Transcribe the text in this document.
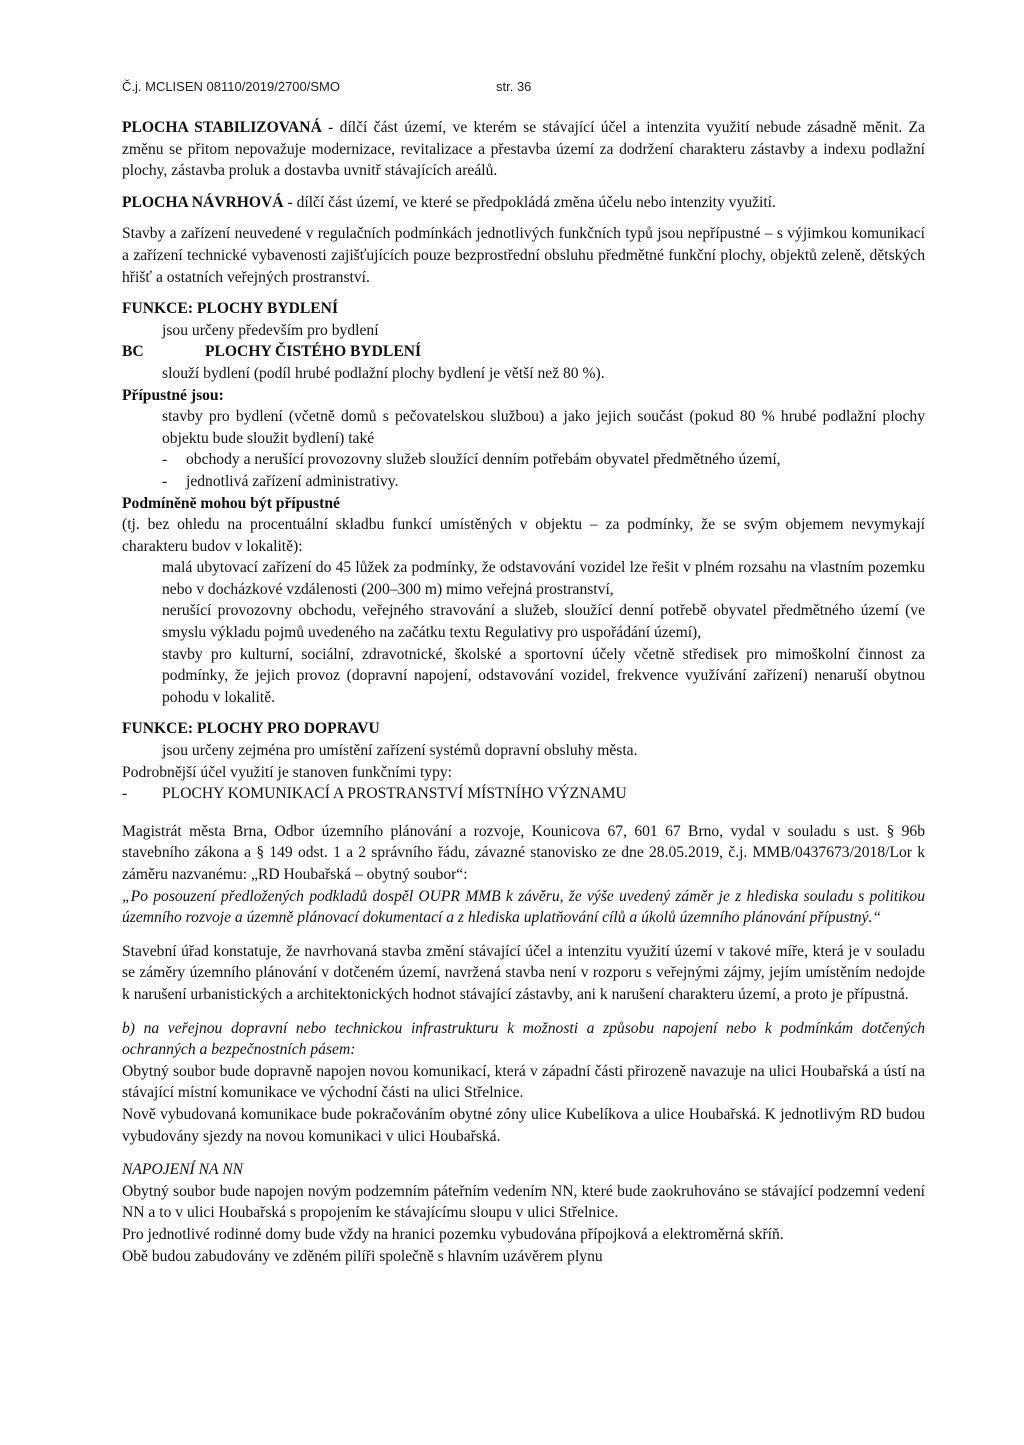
Č.j. MCLISEN 08110/2019/2700/SMO	str. 36

PLOCHA STABILIZOVANÁ - dílčí část území, ve kterém se stávající účel a intenzita využití nebude zásadně měnit. Za změnu se přitom nepovažuje modernizace, revitalizace a přestavba území za dodržení charakteru zástavby a indexu podlažní plochy, zástavba proluk a dostavba uvnitř stávajících areálů.

PLOCHA NÁVRHOVÁ - dílčí část území, ve které se předpokládá změna účelu nebo intenzity využití.

Stavby a zařízení neuvedené v regulačních podmínkách jednotlivých funkčních typů jsou nepřípustné – s výjimkou komunikací a zařízení technické vybavenosti zajišťujících pouze bezprostřední obsluhu předmětné funkční plochy, objektů zeleně, dětských hřišť a ostatních veřejných prostranství.

FUNKCE: PLOCHY BYDLENÍ

jsou určeny především pro bydlení

BC	PLOCHY ČISTÉHO BYDLENÍ

slouží bydlení (podíl hrubé podlažní plochy bydlení je větší než 80 %).

Přípustné jsou:

stavby pro bydlení (včetně domů s pečovatelskou službou) a jako jejich součást (pokud 80 % hrubé podlažní plochy objektu bude sloužit bydlení) také

- obchody a nerušící provozovny služeb sloužící denním potřebám obyvatel předmětného území,

- jednotlivá zařízení administrativy.

Podmíněně mohou být přípustné

(tj. bez ohledu na procentuální skladbu funkcí umístěných v objektu – za podmínky, že se svým objemem nevymykají charakteru budov v lokalitě):

malá ubytovací zařízení do 45 lůžek za podmínky, že odstavování vozidel lze řešit v plném rozsahu na vlastním pozemku nebo v docházkové vzdálenosti (200–300 m) mimo veřejná prostranství,

nerušící provozovny obchodu, veřejného stravování a služeb, sloužící denní potřebě obyvatel předmětného území (ve smyslu výkladu pojmů uvedeného na začátku textu Regulativy pro uspořádání území),

stavby pro kulturní, sociální, zdravotnické, školské a sportovní účely včetně středisek pro mimoškolní činnost za podmínky, že jejich provoz (dopravní napojení, odstavování vozidel, frekvence využívání zařízení) nenaruší obytnou pohodu v lokalitě.

FUNKCE: PLOCHY PRO DOPRAVU

jsou určeny zejména pro umístění zařízení systémů dopravní obsluhy města.

Podrobnější účel využití je stanoven funkčními typy:

- PLOCHY KOMUNIKACÍ A PROSTRANSTVÍ MÍSTNÍHO VÝZNAMU

Magistrát města Brna, Odbor územního plánování a rozvoje, Kounicova 67, 601 67 Brno, vydal v souladu s ust. § 96b stavebního zákona a § 149 odst. 1 a 2 správního řádu, závazné stanovisko ze dne 28.05.2019, č.j. MMB/0437673/2018/Lor k záměru nazvanému: „RD Houbařská – obytný soubor“:

„Po posouzení předložených podkladů dospěl OUPR MMB k závěru, že výše uvedený záměr je z hlediska souladu s politikou územního rozvoje a územně plánovací dokumentací a z hlediska uplatňování cílů a úkolů územního plánování přípustný.“

Stavební úřad konstatuje, že navrhovaná stavba změní stávající účel a intenzitu využití území v takové míře, která je v souladu se záměry územního plánování v dotčeném území, navržená stavba není v rozporu s veřejnými zájmy, jejím umístěním nedojde k narušení urbanistických a architektonických hodnot stávající zástavby, ani k narušení charakteru území, a proto je přípustná.

b) na veřejnou dopravní nebo technickou infrastrukturu k možnosti a způsobu napojení nebo k podmínkám dotčených ochranných a bezpečnostních pásem:

Obytný soubor bude dopravně napojen novou komunikací, která v západní části přirozeně navazuje na ulici Houbařská a ústí na stávající místní komunikace ve východní části na ulici Střelnice.

Nově vybudovaná komunikace bude pokračováním obytné zóny ulice Kubelíkova a ulice Houbařská. K jednotlivým RD budou vybudovány sjezdy na novou komunikaci v ulici Houbařská.

NAPOJENÍ NA NN

Obytný soubor bude napojen novým podzemním páteřním vedením NN, které bude zaokruhováno se stávající podzemní vedení NN a to v ulici Houbařská s propojením ke stávajícímu sloupu v ulici Střelnice.

Pro jednotlivé rodinné domy bude vždy na hranici pozemku vybudována přípojková a elektroměrná skříň.

Obě budou zabudovány ve zděném pilíři společně s hlavním uzávěrem plynu
